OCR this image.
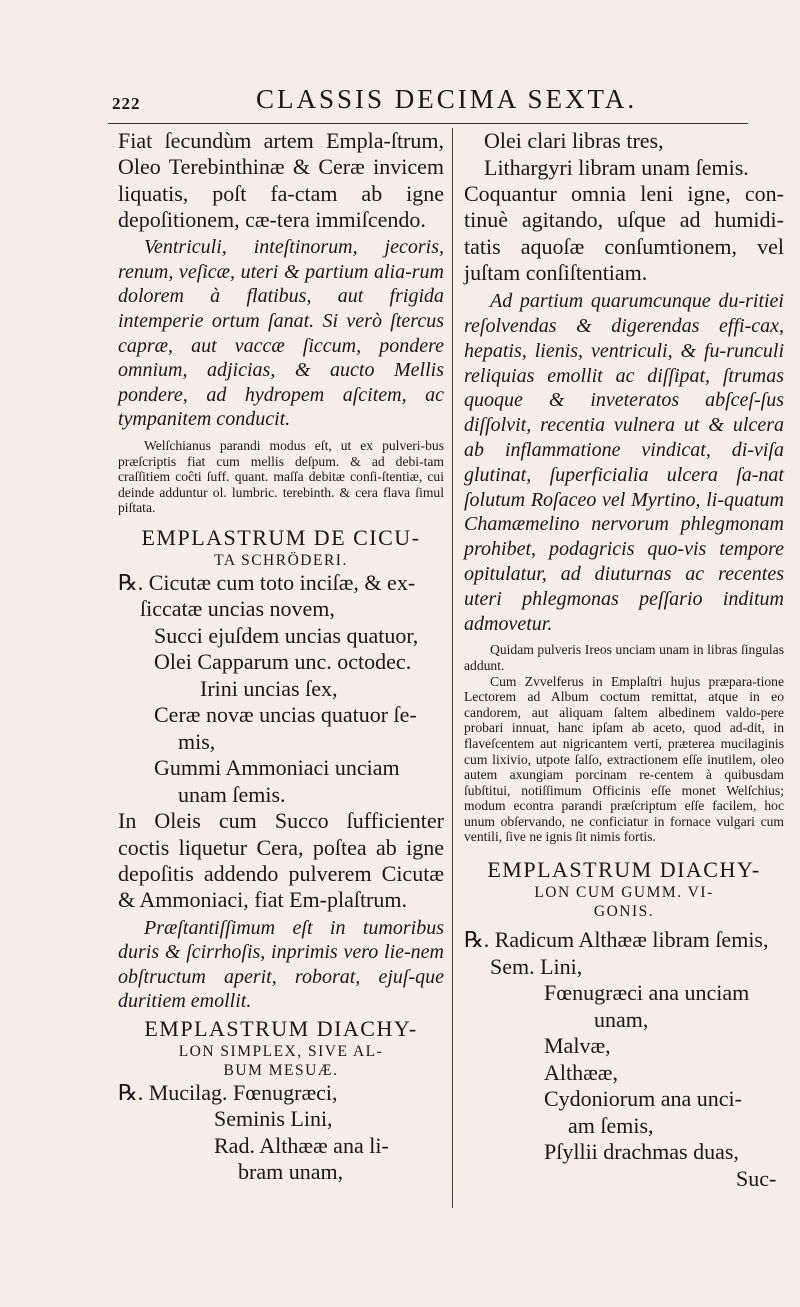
222	CLASSIS DECIMA SEXTA.

Fiat ſecundùm artem Empla-ſtrum, Oleo Terebinthinæ & Ceræ invicem liquatis, poſt fa-ctam ab igne depoſitionem, cæ-tera immiſcendo.

Ventriculi, inteſtinorum, jecoris, renum, veſicæ, uteri & partium alia-rum dolorem à flatibus, aut frigida intemperie ortum ſanat. Si verò ſtercus capræ, aut vaccæ ſiccum, pondere omnium, adjicias, & aucto Mellis pondere, ad hydropem aſcitem, ac tympanitem conducit.

Welſchianus parandi modus eſt, ut ex pulveri-bus præſcriptis fiat cum mellis deſpum. & ad debi-tam craſſitiem coĉti ſuff. quant. maſſa debitæ conſi-ſtentiæ, cui deinde adduntur ol. lumbric. terebinth. & cera flava ſimul piſtata.

EMPLASTRUM DE CICU-
TA SCHRÖDERI.
℞. Cicutæ cum toto inciſæ, & ex-
ſiccatæ uncias novem,
Succi ejuſdem uncias quatuor,
Olei Capparum unc. octodec.
Irini uncias ſex,
Ceræ novæ uncias quatuor ſe-
mis,
Gummi Ammoniaci unciam
unam ſemis.

In Oleis cum Succo ſufficienter coctis liquetur Cera, poſtea ab igne depoſitis addendo pulverem Cicutæ & Ammoniaci, fiat Em-plaſtrum.

Præſtantiſſimum eſt in tumoribus duris & ſcirrhoſis, inprimis vero lie-nem obſtructum aperit, roborat, ejuſ-que duritiem emollit.

EMPLASTRUM DIACHY-
LON SIMPLEX, SIVE AL-
BUM MESUÆ.
℞. Mucilag. Fœnugræci,
Seminis Lini,
Rad. Althææ ana li-
bram unam,
Olei clari libras tres,
Lithargyri libram unam ſemis.

Coquantur omnia leni igne, con-tinuè agitando, uſque ad humidi-tatis aquoſæ conſumtionem, vel juſtam conſiſtentiam.

Ad partium quarumcunque du-ritiei reſolvendas & digerendas effi-cax, hepatis, lienis, ventriculi, & fu-runculi reliquias emollit ac diſſipat, ſtrumas quoque & inveteratos abſceſ-ſus diſſolvit, recentia vulnera ut & ulcera ab inflammatione vindicat, di-viſa glutinat, ſuperficialia ulcera ſa-nat ſolutum Roſaceo vel Myrtino, li-quatum Chamæmelino nervorum phlegmonam prohibet, podagricis quo-vis tempore opitulatur, ad diuturnas ac recentes uteri phlegmonas peſſario inditum admovetur.

Quidam pulveris Ireos unciam unam in libras ſingulas addunt.

Cum Zvvelferus in Emplaſtri hujus præpara-tione Lectorem ad Album coctum remittat, atque in eo candorem, aut aliquam ſaltem albedinem valdo-pere probari innuat, hanc ipſam ab aceto, quod ad-dit, in flaveſcentem aut nigricantem verti, præterea mucilaginis cum lixivio, utpote ſalſo, extractionem eſſe inutilem, oleo autem axungiam porcinam re-centem à quibusdam ſubſtitui, notiſſimum Officinis eſſe monet Welſchius; modum econtra parandi præſcriptum eſſe facilem, hoc unum obſervando, ne conficiatur in fornace vulgari cum ventili, ſive ne ignis ſit nimis fortis.

EMPLASTRUM DIACHY-
LON CUM GUMM. VI-
GONIS.
℞. Radicum Althææ libram ſemis,
Sem. Lini,
Fœnugræci ana unciam
unam,
Malvæ,
Althææ,
Cydoniorum ana unci-
am ſemis,
Pſyllii drachmas duas,
Suc-
